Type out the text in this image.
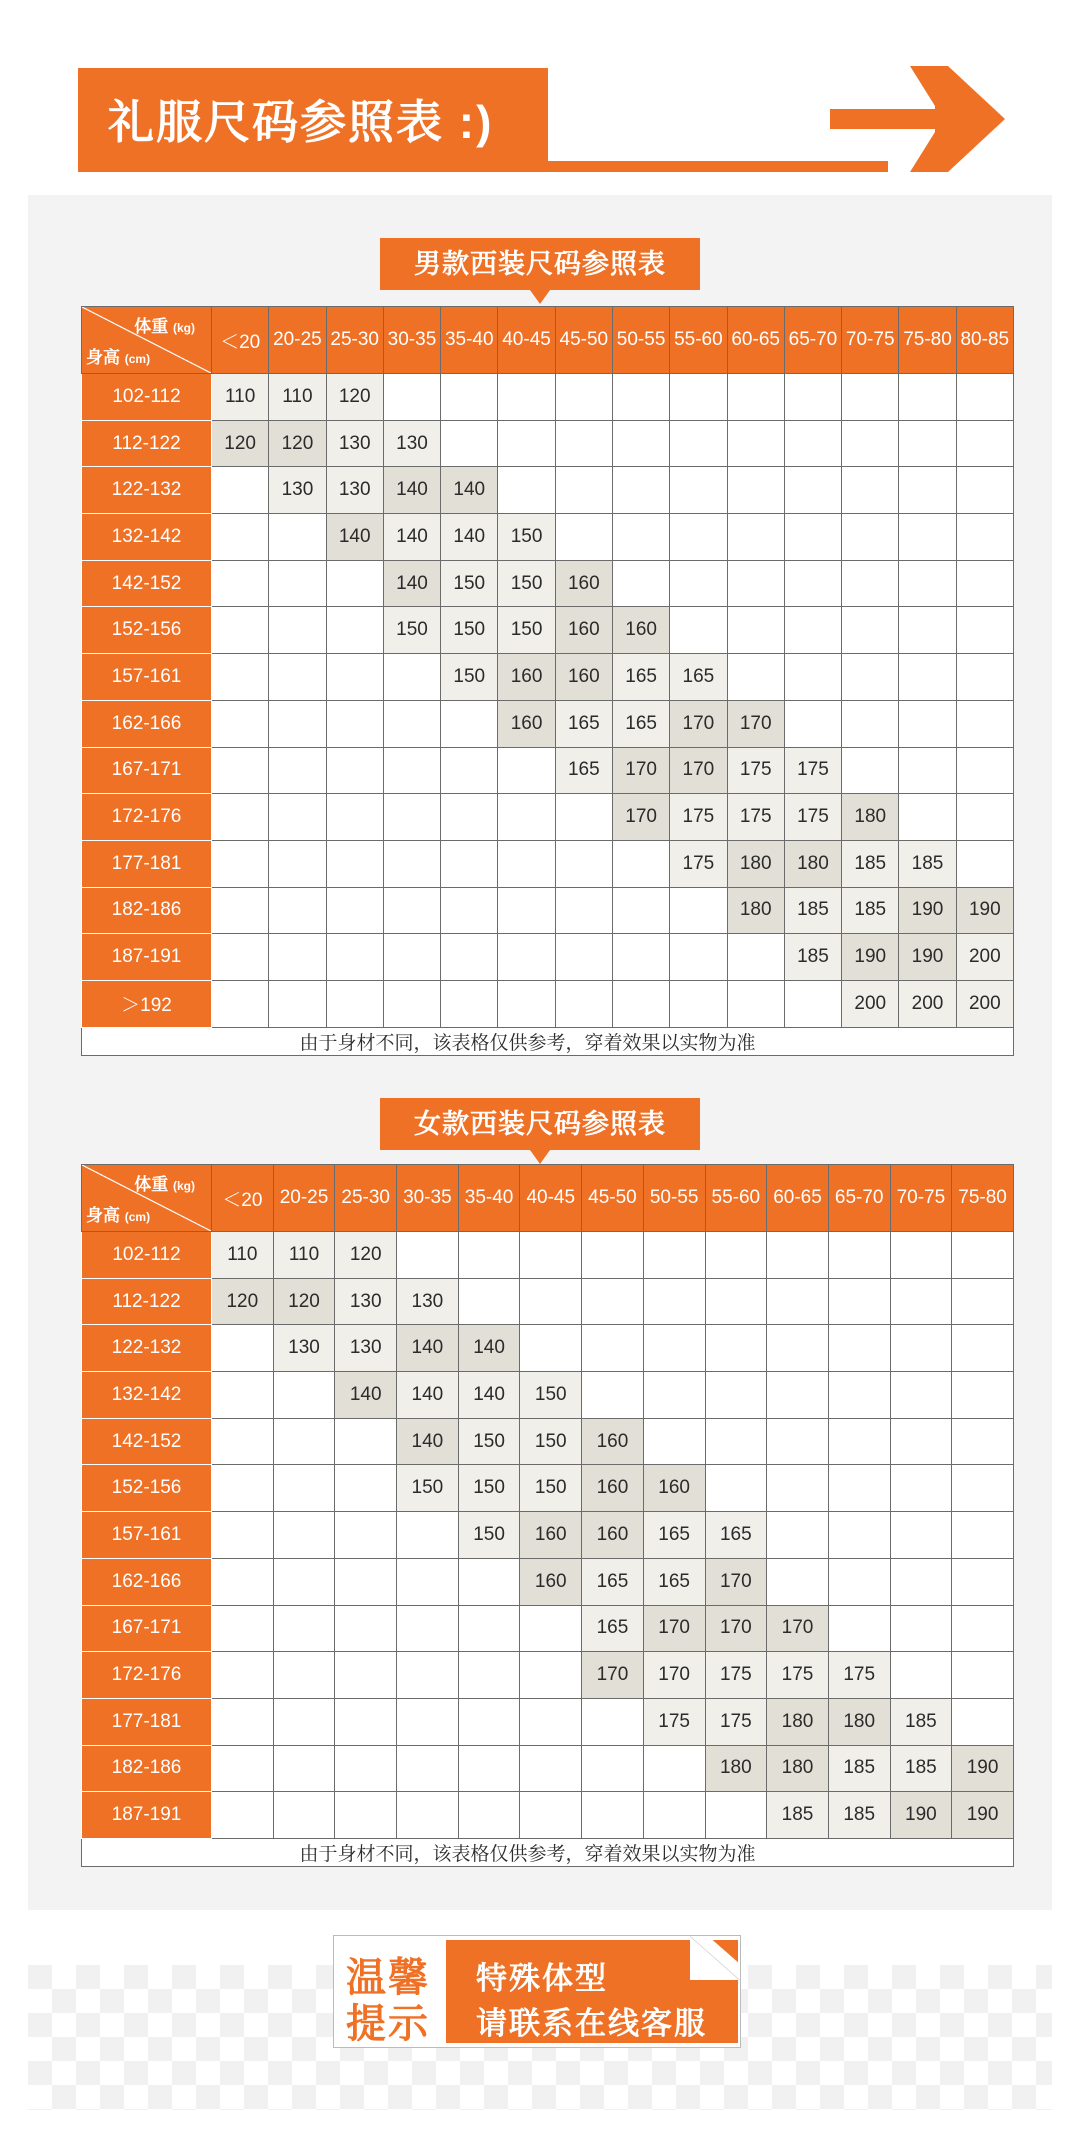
礼服尺码参照表 :)
男款西装尺码参照表
体重 (kg)
身高 (cm)	＜20	20-25	25-30	30-35	35-40	40-45	45-50	50-55	55-60	60-65	65-70	70-75	75-80	80-85
102-112	110	110	120											
112-122	120	120	130	130										
122-132		130	130	140	140									
132-142			140	140	140	150								
142-152				140	150	150	160							
152-156				150	150	150	160	160						
157-161					150	160	160	165	165					
162-166						160	165	165	170	170				
167-171							165	170	170	175	175			
172-176								170	175	175	175	180		
177-181									175	180	180	185	185	
182-186										180	185	185	190	190
187-191											185	190	190	200
＞192												200	200	200
由于身材不同，该表格仅供参考，穿着效果以实物为准														
女款西装尺码参照表
体重 (kg)
身高 (cm)	＜20	20-25	25-30	30-35	35-40	40-45	45-50	50-55	55-60	60-65	65-70	70-75	75-80
102-112	110	110	120										
112-122	120	120	130	130									
122-132		130	130	140	140								
132-142			140	140	140	150							
142-152				140	150	150	160						
152-156				150	150	150	160	160					
157-161					150	160	160	165	165				
162-166						160	165	165	170				
167-171							165	170	170	170			
172-176							170	170	175	175	175		
177-181								175	175	180	180	185	
182-186									180	180	185	185	190
187-191										185	185	190	190
由于身材不同，该表格仅供参考，穿着效果以实物为准													
温馨
提示
特殊体型
请联系在线客服
